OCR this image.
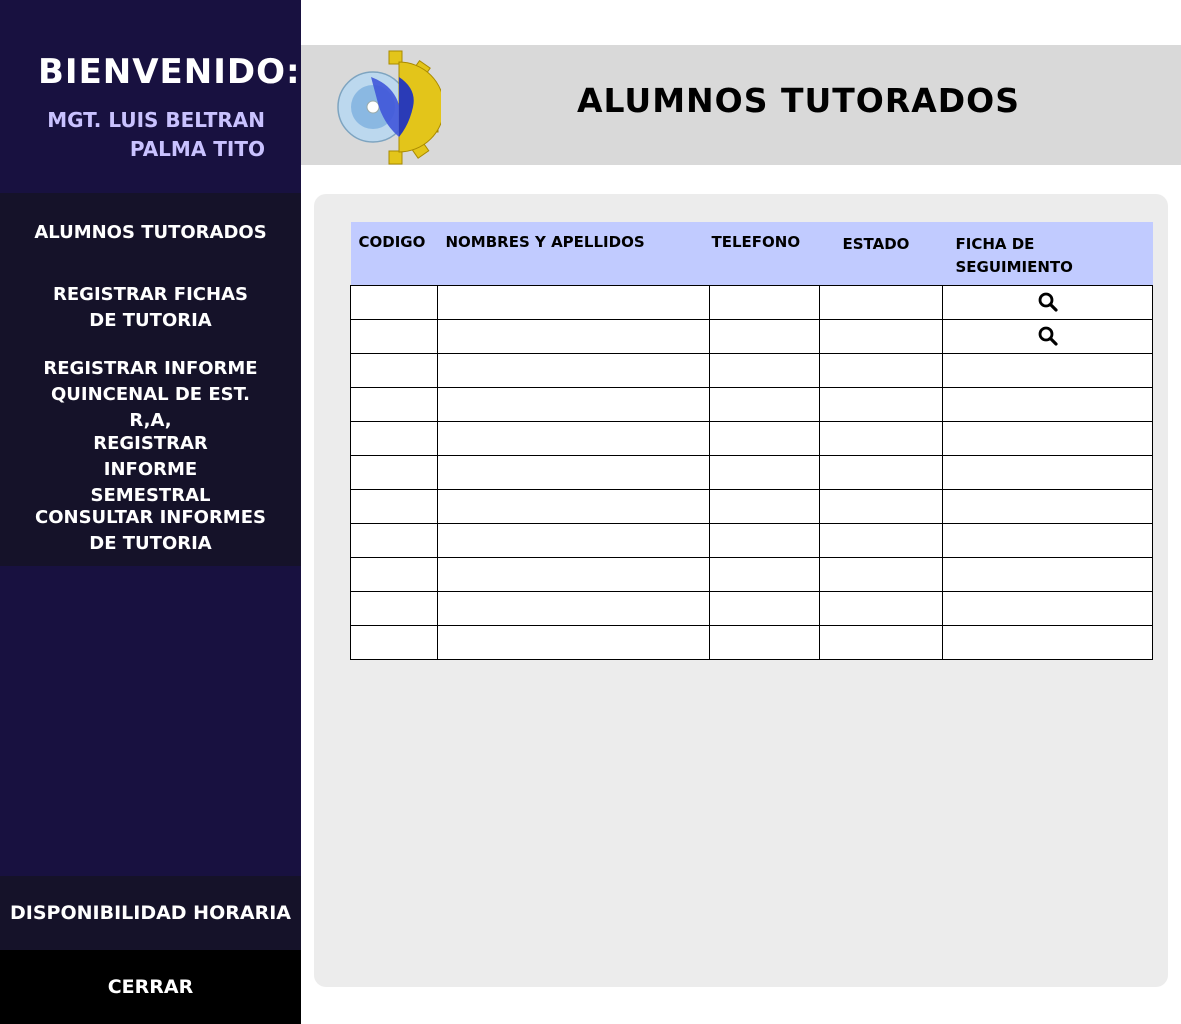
BIENVENIDO:
MGT. LUIS BELTRAN PALMA TITO
ALUMNOS TUTORADOS
REGISTRAR FICHAS DE TUTORIA
REGISTRAR INFORME QUINCENAL DE EST. R,A,
REGISTRAR INFORME SEMESTRAL
CONSULTAR INFORMES DE TUTORIA
DISPONIBILIDAD HORARIA
CERRAR
ALUMNOS TUTORADOS
CODIGO	NOMBRES Y APELLIDOS	TELEFONO	ESTADO	FICHA DE SEGUIMIENTO
